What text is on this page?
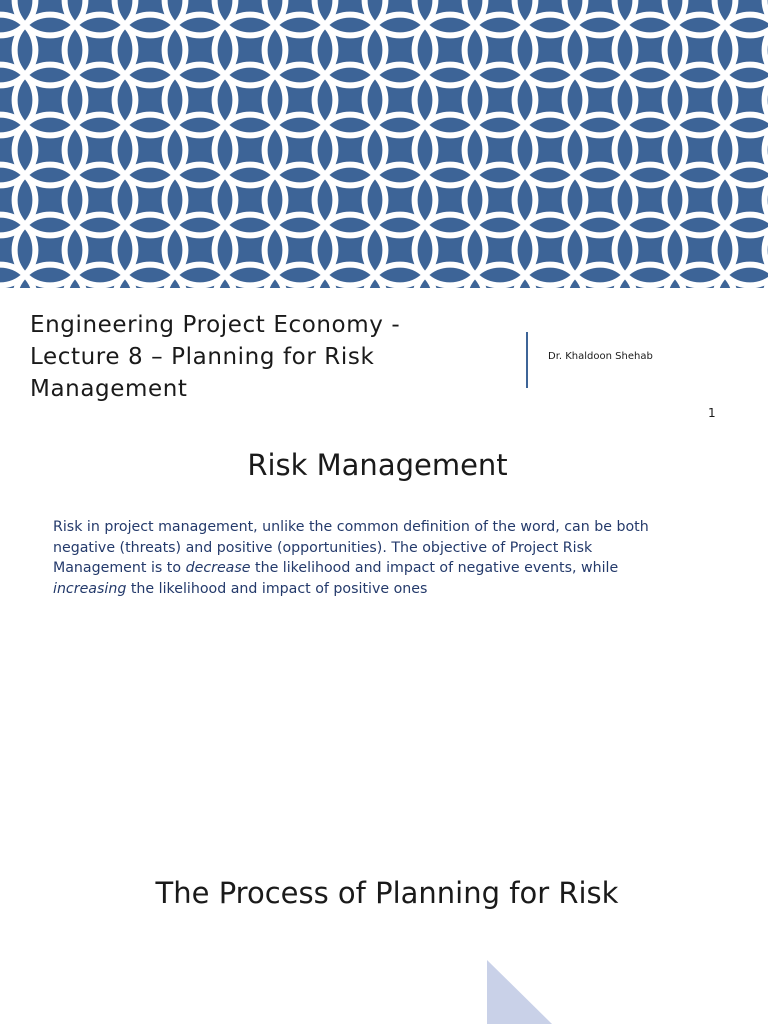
Engineering Project Economy -
Lecture 8 – Planning for Risk
Management
Dr. Khaldoon Shehab
1
Risk Management

Risk in project management, unlike the common definition of the word, can be both negative (threats) and positive (opportunities). The objective of Project Risk Management is to decrease the likelihood and impact of negative events, while increasing the likelihood and impact of positive ones

The Process of Planning for Risk
